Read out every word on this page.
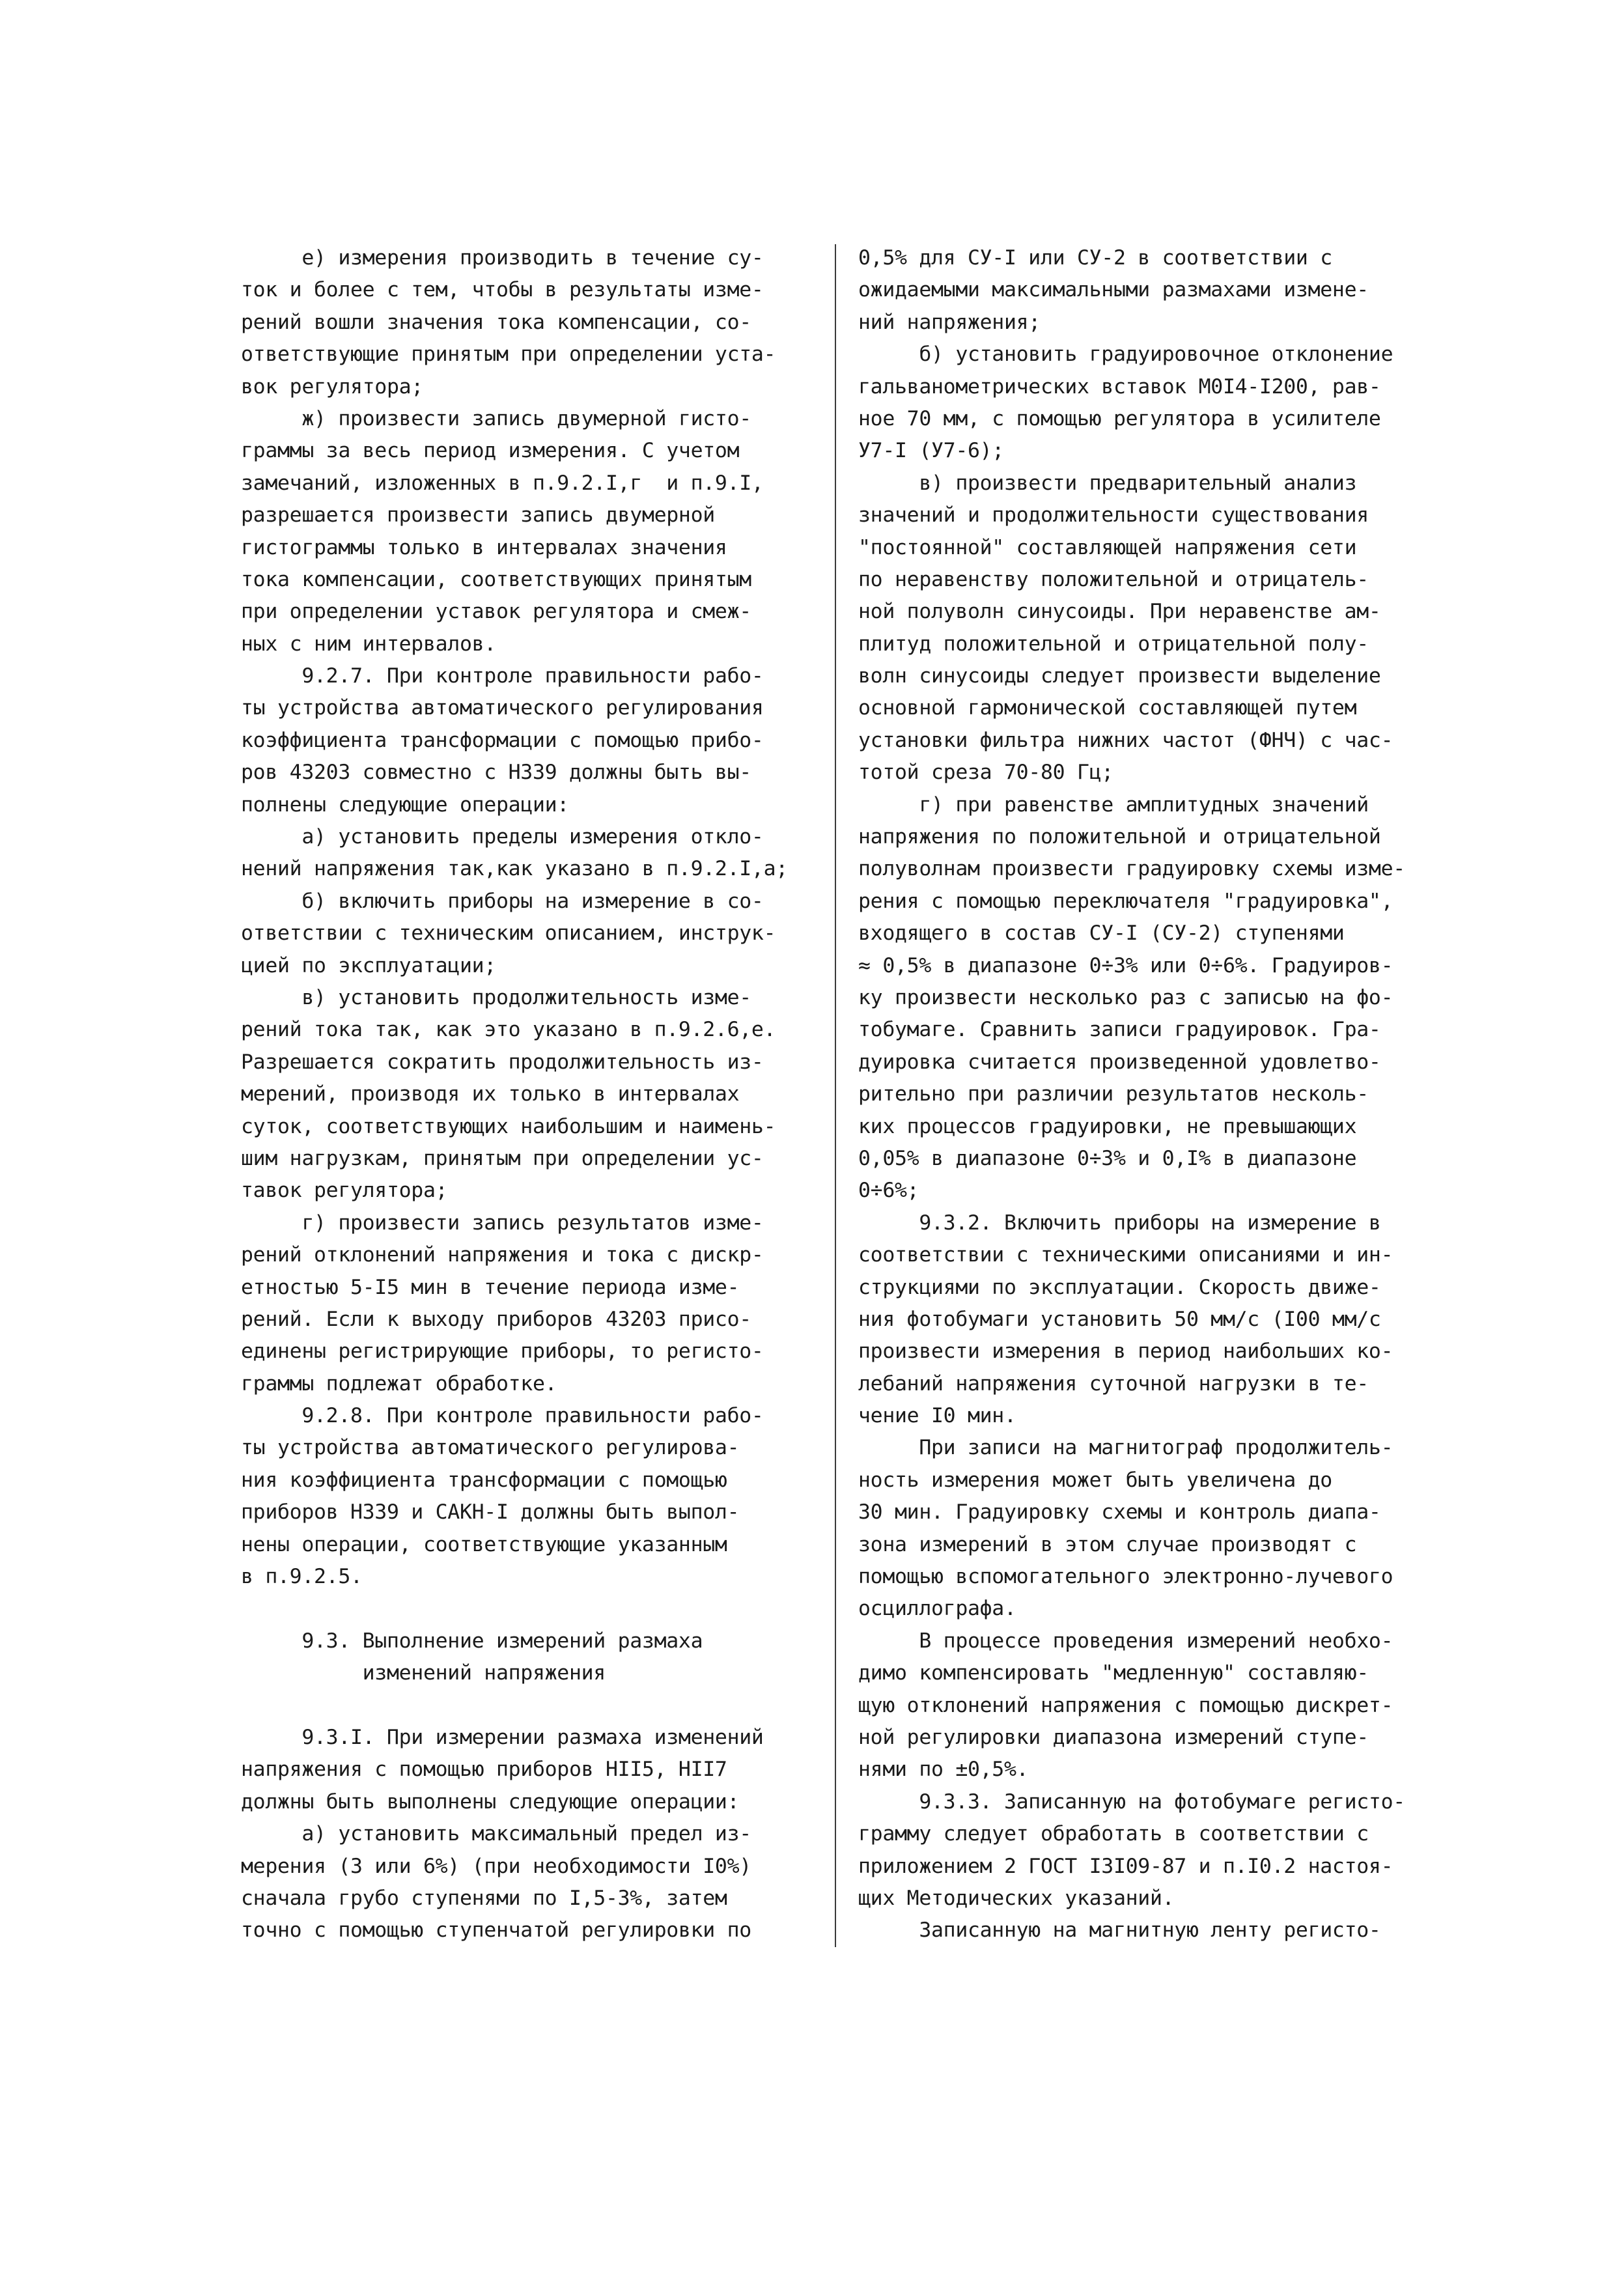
е) измерения производить в течение су-
ток и более с тем, чтобы в результаты изме-
рений вошли значения тока компенсации, со-
ответствующие принятым при определении уста-
вок регулятора;
ж) произвести запись двумерной гисто-
граммы за весь период измерения. С учетом
замечаний, изложенных в п.9.2.I,г  и п.9.I,
разрешается произвести запись двумерной
гистограммы только в интервалах значения
тока компенсации, соответствующих принятым
при определении уставок регулятора и смеж-
ных с ним интервалов.
9.2.7. При контроле правильности рабо-
ты устройства автоматического регулирования
коэффициента трансформации с помощью прибо-
ров 43203 совместно с Н339 должны быть вы-
полнены следующие операции:
а) установить пределы измерения откло-
нений напряжения так,как указано в п.9.2.I,а;
б) включить приборы на измерение в со-
ответствии с техническим описанием, инструк-
цией по эксплуатации;
в) установить продолжительность изме-
рений тока так, как это указано в п.9.2.6,е.
Разрешается сократить продолжительность из-
мерений, производя их только в интервалах
суток, соответствующих наибольшим и наимень-
шим нагрузкам, принятым при определении ус-
тавок регулятора;
г) произвести запись результатов изме-
рений отклонений напряжения и тока с дискр-
етностью 5-I5 мин в течение периода изме-
рений. Если к выходу приборов 43203 присо-
единены регистрирующие приборы, то регисто-
граммы подлежат обработке.
9.2.8. При контроле правильности рабо-
ты устройства автоматического регулирова-
ния коэффициента трансформации с помощью
приборов Н339 и САКН-I должны быть выпол-
нены операции, соответствующие указанным
в п.9.2.5.
9.3. Выполнение измерений размаха
изменений напряжения
9.3.I. При измерении размаха изменений
напряжения с помощью приборов НII5, НII7
должны быть выполнены следующие операции:
а) установить максимальный предел из-
мерения (3 или 6%) (при необходимости I0%)
сначала грубо ступенями по I,5-3%, затем
точно с помощью ступенчатой регулировки по
0,5% для СУ-I или СУ-2 в соответствии с
ожидаемыми максимальными размахами измене-
ний напряжения;
б) установить градуировочное отклонение
гальванометрических вставок М0I4-I200, рав-
ное 70 мм, с помощью регулятора в усилителе
У7-I (У7-6);
в) произвести предварительный анализ
значений и продолжительности существования
"постоянной" составляющей напряжения сети
по неравенству положительной и отрицатель-
ной полуволн синусоиды. При неравенстве ам-
плитуд положительной и отрицательной полу-
волн синусоиды следует произвести выделение
основной гармонической составляющей путем
установки фильтра нижних частот (ФНЧ) с час-
тотой среза 70-80 Гц;
г) при равенстве амплитудных значений
напряжения по положительной и отрицательной
полуволнам произвести градуировку схемы изме-
рения с помощью переключателя "градуировка",
входящего в состав СУ-I (СУ-2) ступенями
≈ 0,5% в диапазоне 0÷3% или 0÷6%. Градуиров-
ку произвести несколько раз с записью на фо-
тобумаге. Сравнить записи градуировок. Гра-
дуировка считается произведенной удовлетво-
рительно при различии результатов несколь-
ких процессов градуировки, не превышающих
0,05% в диапазоне 0÷3% и 0,I% в диапазоне
0÷6%;
9.3.2. Включить приборы на измерение в
соответствии с техническими описаниями и ин-
струкциями по эксплуатации. Скорость движе-
ния фотобумаги установить 50 мм/с (I00 мм/с
произвести измерения в период наибольших ко-
лебаний напряжения суточной нагрузки в те-
чение I0 мин.
При записи на магнитограф продолжитель-
ность измерения может быть увеличена до
30 мин. Градуировку схемы и контроль диапа-
зона измерений в этом случае производят с
помощью вспомогательного электронно-лучевого
осциллографа.
В процессе проведения измерений необхо-
димо компенсировать "медленную" составляю-
щую отклонений напряжения с помощью дискрет-
ной регулировки диапазона измерений ступе-
нями по ±0,5%.
9.3.3. Записанную на фотобумаге регисто-
грамму следует обработать в соответствии с
приложением 2 ГОСТ I3I09-87 и п.I0.2 настоя-
щих Методических указаний.
Записанную на магнитную ленту регисто-
